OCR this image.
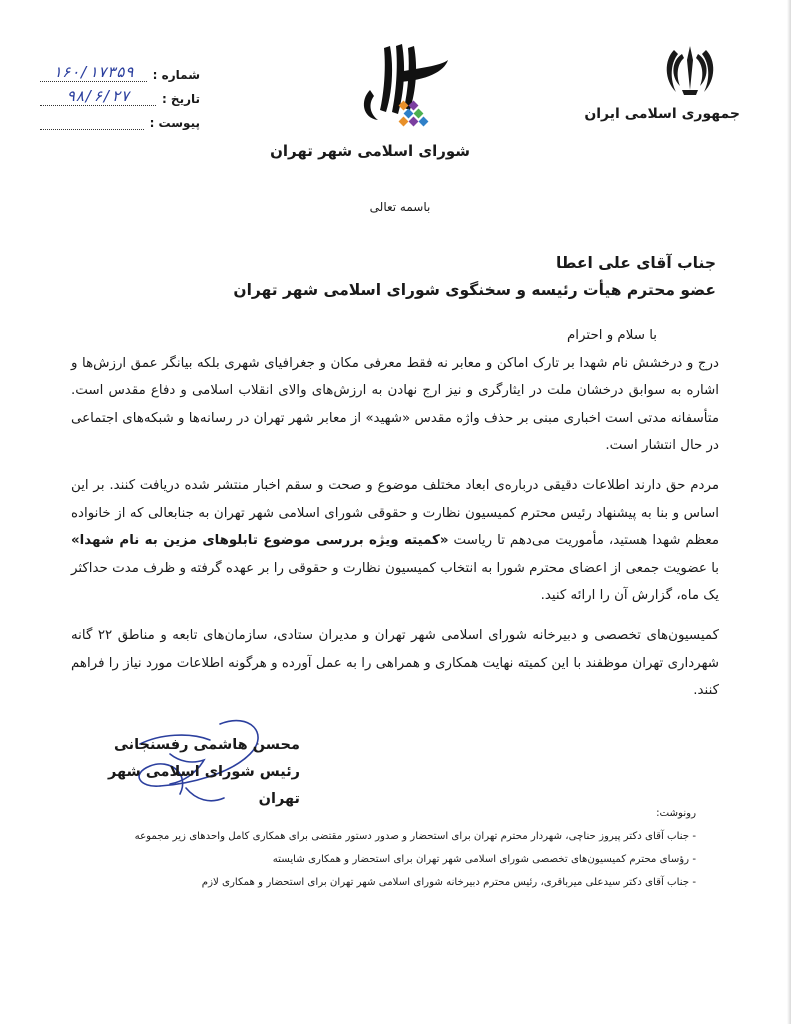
جمهوری اسلامی ایران
شورای اسلامی شهر تهران
شماره :
۱۶۰/۱۷۳۵۹
تاریخ :
۹۸/۶/۲۷
پیوست :
باسمه تعالی
جناب آقای علی اعطا
عضو محترم هیأت رئیسه و سخنگوی شورای اسلامی شهر تهران

با سلام و احترام

درج و درخشش نام شهدا بر تارک اماکن و معابر نه فقط معرفی مکان و جغرافیای شهری بلکه بیانگر عمق ارزش‌ها و اشاره به سوابق درخشان ملت در ایثارگری و نیز ارج نهادن به ارزش‌های والای انقلاب اسلامی و دفاع مقدس است. متأسفانه مدتی است اخباری مبنی بر حذف واژه مقدس «شهید» از معابر شهر تهران در رسانه‌ها و شبکه‌های اجتماعی در حال انتشار است.

مردم حق دارند اطلاعات دقیقی درباره‌ی ابعاد مختلف موضوع و صحت و سقم اخبار منتشر شده دریافت کنند. بر این اساس و بنا به پیشنهاد رئیس محترم کمیسیون نظارت و حقوقی شورای اسلامی شهر تهران به جنابعالی که از خانواده معظم شهدا هستید، مأموریت می‌دهم تا ریاست «کمیته ویژه بررسی موضوع تابلوهای مزین به نام شهدا» با عضویت جمعی از اعضای محترم شورا به انتخاب کمیسیون نظارت و حقوقی را بر عهده گرفته و ظرف مدت حداکثر یک ماه، گزارش آن را ارائه کنید.

کمیسیون‌های تخصصی و دبیرخانه شورای اسلامی شهر تهران و مدیران ستادی، سازمان‌های تابعه و مناطق ۲۲ گانه شهرداری تهران موظفند با این کمیته نهایت همکاری و همراهی را به عمل آورده و هرگونه اطلاعات مورد نیاز را فراهم کنند.

محسن هاشمی رفسنجانی
رئیس شورای اسلامی شهر تهران
رونوشت:
- جناب آقای دکتر پیروز حناچی، شهردار محترم تهران برای استحضار و صدور دستور مقتضی برای همکاری کامل واحدهای زیر مجموعه
- رؤسای محترم کمیسیون‌های تخصصی شورای اسلامی شهر تهران برای استحضار و همکاری شایسته
- جناب آقای دکتر سیدعلی میرباقری، رئیس محترم دبیرخانه شورای اسلامی شهر تهران برای استحضار و همکاری لازم
